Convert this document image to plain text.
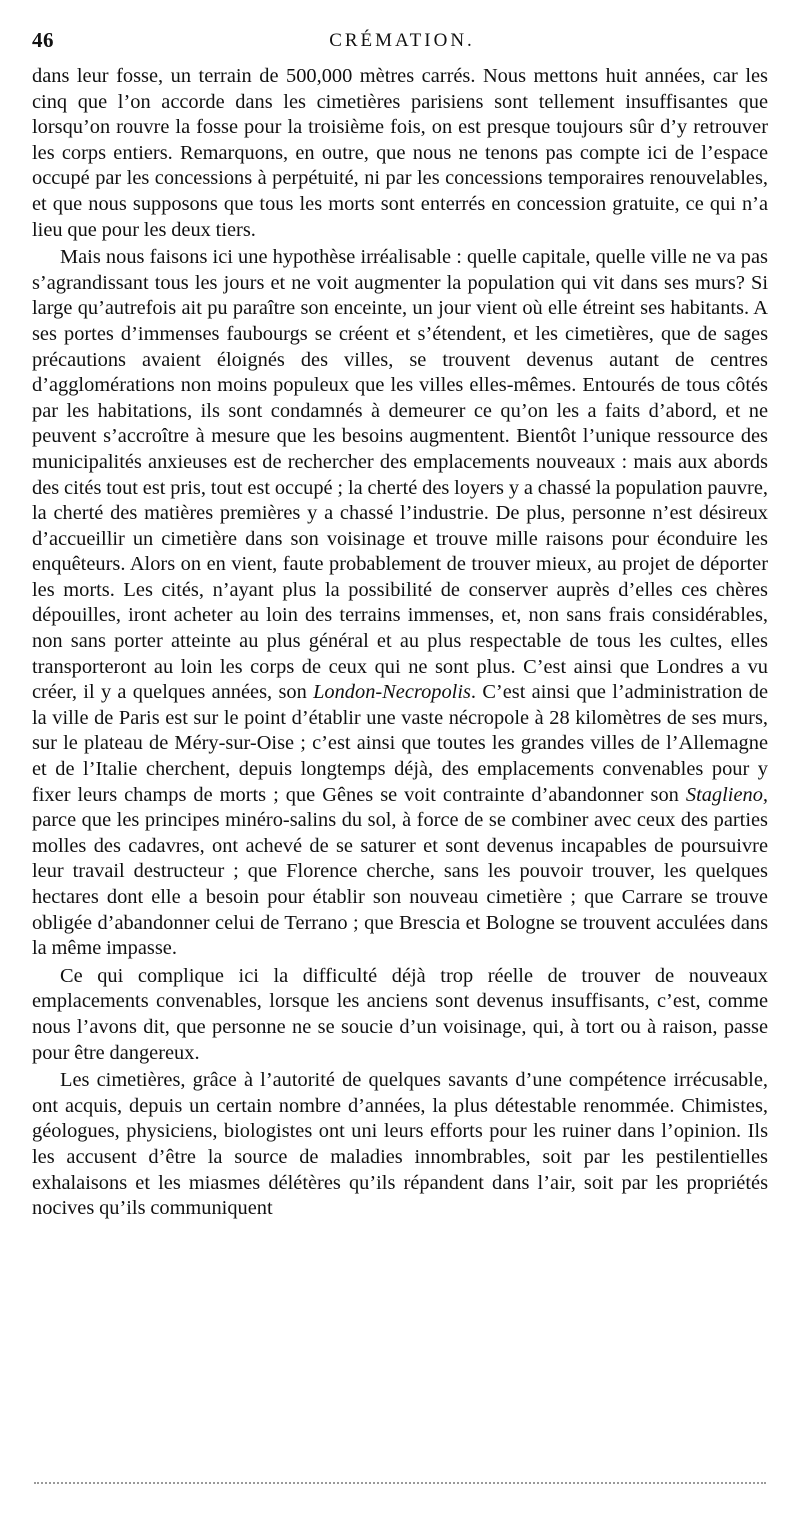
46	CRÉMATION.

dans leur fosse, un terrain de 500,000 mètres carrés. Nous mettons huit années, car les cinq que l’on accorde dans les cimetières parisiens sont tellement insuffisantes que lorsqu’on rouvre la fosse pour la troisième fois, on est presque toujours sûr d’y retrouver les corps entiers. Remarquons, en outre, que nous ne tenons pas compte ici de l’espace occupé par les concessions à perpétuité, ni par les concessions temporaires renouvelables, et que nous supposons que tous les morts sont enterrés en concession gratuite, ce qui n’a lieu que pour les deux tiers.

Mais nous faisons ici une hypothèse irréalisable : quelle capitale, quelle ville ne va pas s’agrandissant tous les jours et ne voit augmenter la population qui vit dans ses murs? Si large qu’autrefois ait pu paraître son enceinte, un jour vient où elle étreint ses habitants. A ses portes d’immenses faubourgs se créent et s’étendent, et les cimetières, que de sages précautions avaient éloignés des villes, se trouvent devenus autant de centres d’agglomérations non moins populeux que les villes elles-mêmes. Entourés de tous côtés par les habitations, ils sont condamnés à demeurer ce qu’on les a faits d’abord, et ne peuvent s’accroître à mesure que les besoins augmentent. Bientôt l’unique ressource des municipalités anxieuses est de rechercher des emplacements nouveaux : mais aux abords des cités tout est pris, tout est occupé ; la cherté des loyers y a chassé la population pauvre, la cherté des matières premières y a chassé l’industrie. De plus, personne n’est désireux d’accueillir un cimetière dans son voisinage et trouve mille raisons pour éconduire les enquêteurs. Alors on en vient, faute probablement de trouver mieux, au projet de déporter les morts. Les cités, n’ayant plus la possibilité de conserver auprès d’elles ces chères dépouilles, iront acheter au loin des terrains immenses, et, non sans frais considérables, non sans porter atteinte au plus général et au plus respectable de tous les cultes, elles transporteront au loin les corps de ceux qui ne sont plus. C’est ainsi que Londres a vu créer, il y a quelques années, son London-Necropolis. C’est ainsi que l’administration de la ville de Paris est sur le point d’établir une vaste nécropole à 28 kilomètres de ses murs, sur le plateau de Méry-sur-Oise ; c’est ainsi que toutes les grandes villes de l’Allemagne et de l’Italie cherchent, depuis longtemps déjà, des emplacements convenables pour y fixer leurs champs de morts ; que Gênes se voit contrainte d’abandonner son Staglieno, parce que les principes minéro-salins du sol, à force de se combiner avec ceux des parties molles des cadavres, ont achevé de se saturer et sont devenus incapables de poursuivre leur travail destructeur ; que Florence cherche, sans les pouvoir trouver, les quelques hectares dont elle a besoin pour établir son nouveau cimetière ; que Carrare se trouve obligée d’abandonner celui de Terrano ; que Brescia et Bologne se trouvent acculées dans la même impasse.

Ce qui complique ici la difficulté déjà trop réelle de trouver de nouveaux emplacements convenables, lorsque les anciens sont devenus insuffisants, c’est, comme nous l’avons dit, que personne ne se soucie d’un voisinage, qui, à tort ou à raison, passe pour être dangereux.

Les cimetières, grâce à l’autorité de quelques savants d’une compétence irrécusable, ont acquis, depuis un certain nombre d’années, la plus détestable renommée. Chimistes, géologues, physiciens, biologistes ont uni leurs efforts pour les ruiner dans l’opinion. Ils les accusent d’être la source de maladies innombrables, soit par les pestilentielles exhalaisons et les miasmes délétères qu’ils répandent dans l’air, soit par les propriétés nocives qu’ils communiquent
